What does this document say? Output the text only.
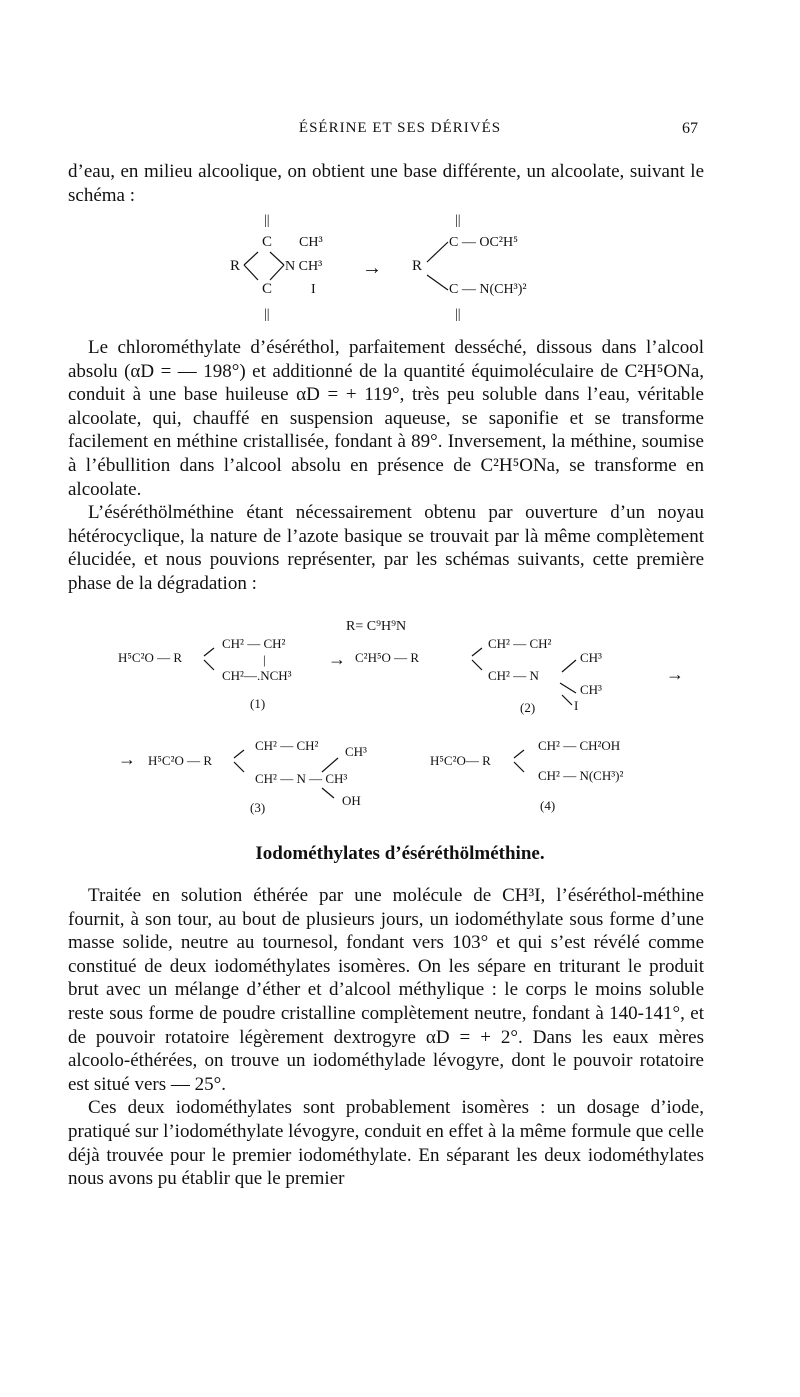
ÉSÉRINE ET SES DÉRIVÉS	67

d’eau, en milieu alcoolique, on obtient une base différente, un alcoolate, suivant le schéma :

||
C CH³
R	N CH³
C	I
||
→
||
C — OC²H⁵
R
C — N(CH³)²
||

Le chlorométhylate d’éséréthol, parfaitement desséché, dissous dans l’alcool absolu (αD = — 198°) et additionné de la quantité équimoléculaire de C²H⁵ONa, conduit à une base huileuse αD = + 119°, très peu soluble dans l’eau, véritable alcoolate, qui, chauffé en suspension aqueuse, se saponifie et se transforme facilement en méthine cristallisée, fondant à 89°. Inversement, la méthine, soumise à l’ébullition dans l’alcool absolu en présence de C²H⁵ONa, se transforme en alcoolate.

L’éséréthölméthine étant nécessairement obtenu par ouverture d’un noyau hétérocyclique, la nature de l’azote basique se trouvait par là même complètement élucidée, et nous pouvions représenter, par les schémas suivants, cette première phase de la dégradation :

R= C⁹H⁹N
H⁵C²O — R
CH² — CH²
|
CH²—.NCH³
(1)
→ C²H⁵O — R
CH² — CH²
CH² — N
CH³
CH³
I
(2)
→
→ H⁵C²O — R
CH² — CH² CH³
CH² — N — CH³
OH
(3)
H⁵C²O— R
CH² — CH²OH
CH² — N(CH³)²
(4)
Iodométhylates d’éséréthölméthine.

Traitée en solution éthérée par une molécule de CH³I, l’éséréthol-méthine fournit, à son tour, au bout de plusieurs jours, un iodométhylate sous forme d’une masse solide, neutre au tournesol, fondant vers 103° et qui s’est révélé comme constitué de deux iodométhylates isomères. On les sépare en triturant le produit brut avec un mélange d’éther et d’alcool méthylique : le corps le moins soluble reste sous forme de poudre cristalline complètement neutre, fondant à 140-141°, et de pouvoir rotatoire légèrement dextrogyre αD = + 2°. Dans les eaux mères alcoolo-éthérées, on trouve un iodométhylade lévogyre, dont le pouvoir rotatoire est situé vers — 25°.

Ces deux iodométhylates sont probablement isomères : un dosage d’iode, pratiqué sur l’iodométhylate lévogyre, conduit en effet à la même formule que celle déjà trouvée pour le premier iodométhylate. En séparant les deux iodométhylates nous avons pu établir que le premier
